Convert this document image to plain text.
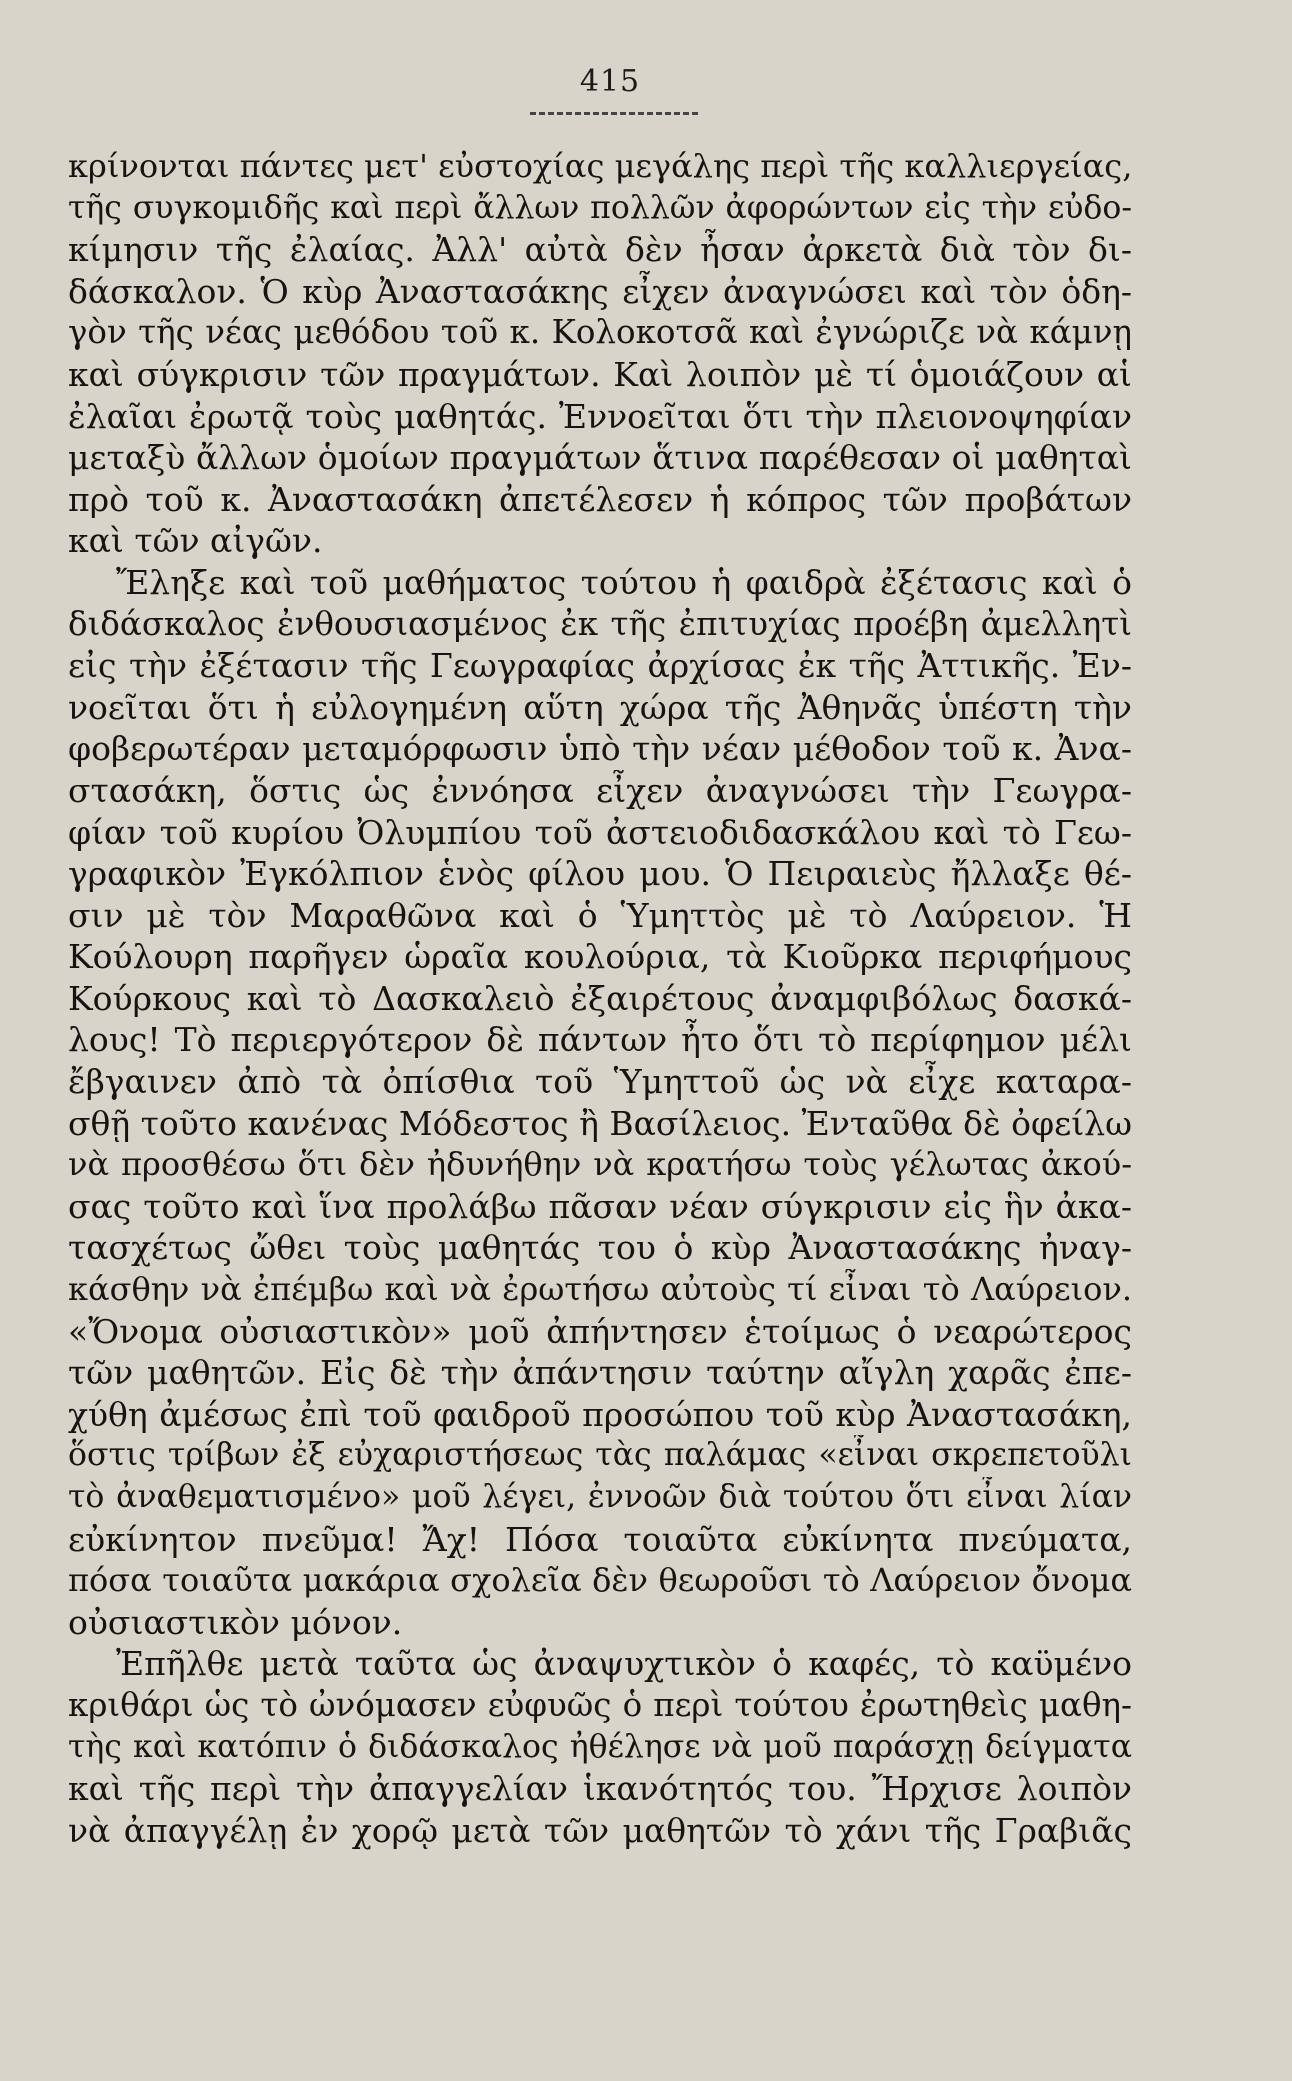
415
κρίνονται πάντες μετ' εὐστοχίας μεγάλης περὶ τῆς καλλιεργείας,
τῆς συγκομιδῆς καὶ περὶ ἄλλων πολλῶν ἀφορώντων εἰς τὴν εὐδο-
κίμησιν τῆς ἐλαίας. Ἀλλ' αὐτὰ δὲν ἦσαν ἀρκετὰ διὰ τὸν δι-
δάσκαλον. Ὁ κὺρ Ἀναστασάκης εἶχεν ἀναγνώσει καὶ τὸν ὁδη-
γὸν τῆς νέας μεθόδου τοῦ κ. Κολοκοτσᾶ καὶ ἐγνώριζε νὰ κάμνῃ
καὶ σύγκρισιν τῶν πραγμάτων. Καὶ λοιπὸν μὲ τί ὁμοιάζουν αἱ
ἐλαῖαι ἐρωτᾷ τοὺς μαθητάς. Ἐννοεῖται ὅτι τὴν πλειονοψηφίαν
μεταξὺ ἄλλων ὁμοίων πραγμάτων ἅτινα παρέθεσαν οἱ μαθηταὶ
πρὸ τοῦ κ. Ἀναστασάκη ἀπετέλεσεν ἡ κόπρος τῶν προβάτων
καὶ τῶν αἰγῶν.
Ἔληξε καὶ τοῦ μαθήματος τούτου ἡ φαιδρὰ ἐξέτασις καὶ ὁ
διδάσκαλος ἐνθουσιασμένος ἐκ τῆς ἐπιτυχίας προέβη ἀμελλητὶ
εἰς τὴν ἐξέτασιν τῆς Γεωγραφίας ἀρχίσας ἐκ τῆς Ἀττικῆς. Ἐν-
νοεῖται ὅτι ἡ εὐλογημένη αὕτη χώρα τῆς Ἀθηνᾶς ὑπέστη τὴν
φοβερωτέραν μεταμόρφωσιν ὑπὸ τὴν νέαν μέθοδον τοῦ κ. Ἀνα-
στασάκη, ὅστις ὡς ἐννόησα εἶχεν ἀναγνώσει τὴν Γεωγρα-
φίαν τοῦ κυρίου Ὀλυμπίου τοῦ ἀστειοδιδασκάλου καὶ τὸ Γεω-
γραφικὸν Ἐγκόλπιον ἑνὸς φίλου μου. Ὁ Πειραιεὺς ἤλλαξε θέ-
σιν μὲ τὸν Μαραθῶνα καὶ ὁ Ὑμηττὸς μὲ τὸ Λαύρειον. Ἡ
Κούλουρη παρῆγεν ὡραῖα κουλούρια, τὰ Κιοῦρκα περιφήμους
Κούρκους καὶ τὸ Δασκαλειὸ ἐξαιρέτους ἀναμφιβόλως δασκά-
λους! Τὸ περιεργότερον δὲ πάντων ἦτο ὅτι τὸ περίφημον μέλι
ἔβγαινεν ἀπὸ τὰ ὀπίσθια τοῦ Ὑμηττοῦ ὡς νὰ εἶχε καταρα-
σθῇ τοῦτο κανένας Μόδεστος ἢ Βασίλειος. Ἐνταῦθα δὲ ὀφείλω
νὰ προσθέσω ὅτι δὲν ἠδυνήθην νὰ κρατήσω τοὺς γέλωτας ἀκού-
σας τοῦτο καὶ ἵνα προλάβω πᾶσαν νέαν σύγκρισιν εἰς ἣν ἀκα-
τασχέτως ὤθει τοὺς μαθητάς του ὁ κὺρ Ἀναστασάκης ἠναγ-
κάσθην νὰ ἐπέμβω καὶ νὰ ἐρωτήσω αὐτοὺς τί εἶναι τὸ Λαύρειον.
«Ὄνομα οὐσιαστικὸν» μοῦ ἀπήντησεν ἑτοίμως ὁ νεαρώτερος
τῶν μαθητῶν. Εἰς δὲ τὴν ἀπάντησιν ταύτην αἴγλη χαρᾶς ἐπε-
χύθη ἀμέσως ἐπὶ τοῦ φαιδροῦ προσώπου τοῦ κὺρ Ἀναστασάκη,
ὅστις τρίβων ἐξ εὐχαριστήσεως τὰς παλάμας «εἶναι σκρεπετοῦλι
τὸ ἀναθεματισμένο» μοῦ λέγει, ἐννοῶν διὰ τούτου ὅτι εἶναι λίαν
εὐκίνητον πνεῦμα! Ἄχ! Πόσα τοιαῦτα εὐκίνητα πνεύματα,
πόσα τοιαῦτα μακάρια σχολεῖα δὲν θεωροῦσι τὸ Λαύρειον ὄνομα
οὐσιαστικὸν μόνον.
Ἐπῆλθε μετὰ ταῦτα ὡς ἀναψυχτικὸν ὁ καφές, τὸ καϋμένο
κριθάρι ὡς τὸ ὠνόμασεν εὐφυῶς ὁ περὶ τούτου ἐρωτηθεὶς μαθη-
τὴς καὶ κατόπιν ὁ διδάσκαλος ἠθέλησε νὰ μοῦ παράσχῃ δείγματα
καὶ τῆς περὶ τὴν ἀπαγγελίαν ἱκανότητός του. Ἤρχισε λοιπὸν
νὰ ἀπαγγέλῃ ἐν χορῷ μετὰ τῶν μαθητῶν τὸ χάνι τῆς Γραβιᾶς
